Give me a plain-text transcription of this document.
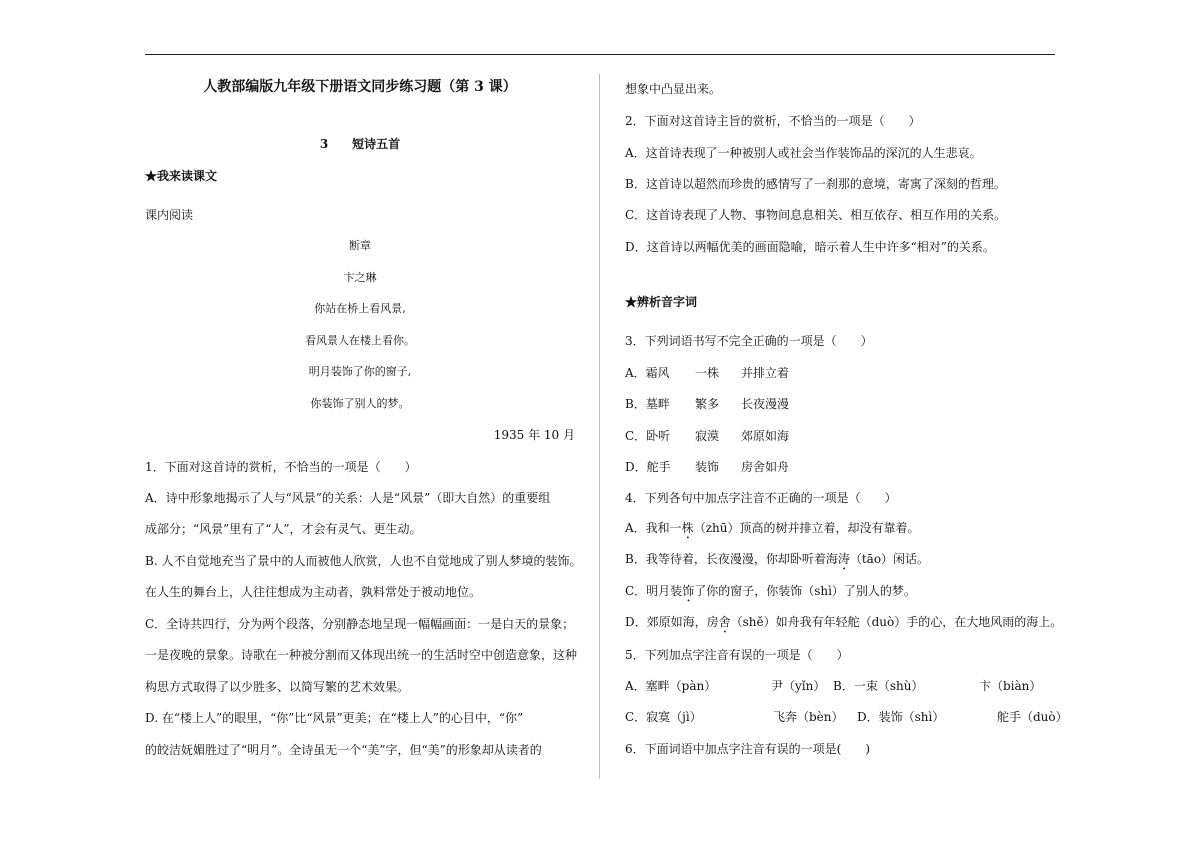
人教部编版九年级下册语文同步练习题（第 3 课）
3　　短诗五首
★我来读课文
课内阅读
断章
卞之琳
你站在桥上看风景,
看风景人在楼上看你。
明月装饰了你的窗子,
你装饰了别人的梦。
1935 年 10 月
1．下面对这首诗的赏析，不恰当的一项是（　　）
A．诗中形象地揭示了人与“风景”的关系：人是“风景”（即大自然）的重要组
成部分；“风景”里有了“人”，才会有灵气、更生动。
B. 人不自觉地充当了景中的人而被他人欣赏，人也不自觉地成了别人梦境的装饰。
在人生的舞台上，人往往想成为主动者，孰料常处于被动地位。
C．全诗共四行，分为两个段落，分别静态地呈现一幅幅画面：一是白天的景象；
一是夜晚的景象。诗歌在一种被分割而又体现出统一的生活时空中创造意象，这种
构思方式取得了以少胜多、以简写繁的艺术效果。
D. 在“楼上人”的眼里，“你”比“风景”更美；在“楼上人”的心目中，“你”
的皎洁妩媚胜过了“明月”。全诗虽无一个“美”字，但“美”的形象却从读者的
想象中凸显出来。
2．下面对这首诗主旨的赏析，不恰当的一项是（　　）
A．这首诗表现了一种被别人或社会当作装饰品的深沉的人生悲哀。
B．这首诗以超然而珍贵的感情写了一刹那的意境，寄寓了深刻的哲理。
C．这首诗表现了人物、事物间息息相关、相互依存、相互作用的关系。
D．这首诗以两幅优美的画面隐喻，暗示着人生中许多“相对”的关系。
★辨析音字词
3．下列词语书写不完全正确的一项是（　　）
A．霜风	一株	并排立着
B．墓畔	繁多	长夜漫漫
C．卧听	寂漠	郊原如海
D．舵手	装饰	房舍如舟
4．下列各句中加点字注音不正确的一项是（　　）
A．我和一株（zhū）顶高的树并排立着，却没有靠着。
B．我等待着，长夜漫漫，你却卧听着海涛（tāo）闲话。
C．明月装饰了你的窗子，你装饰（shì）了别人的梦。
D．郊原如海，房舍（shě）如舟我有年轻舵（duò）手的心，在大地风雨的海上。
5．下列加点字注音有误的一项是（　　）
A．塞畔（pàn）	尹（yǐn） B．一束（shù）	卞（biàn）
C．寂寞（jì）	飞奔（bèn）	D．装饰（shì）	舵手（duò）
6．下面词语中加点字注音有误的一项是(　　)
